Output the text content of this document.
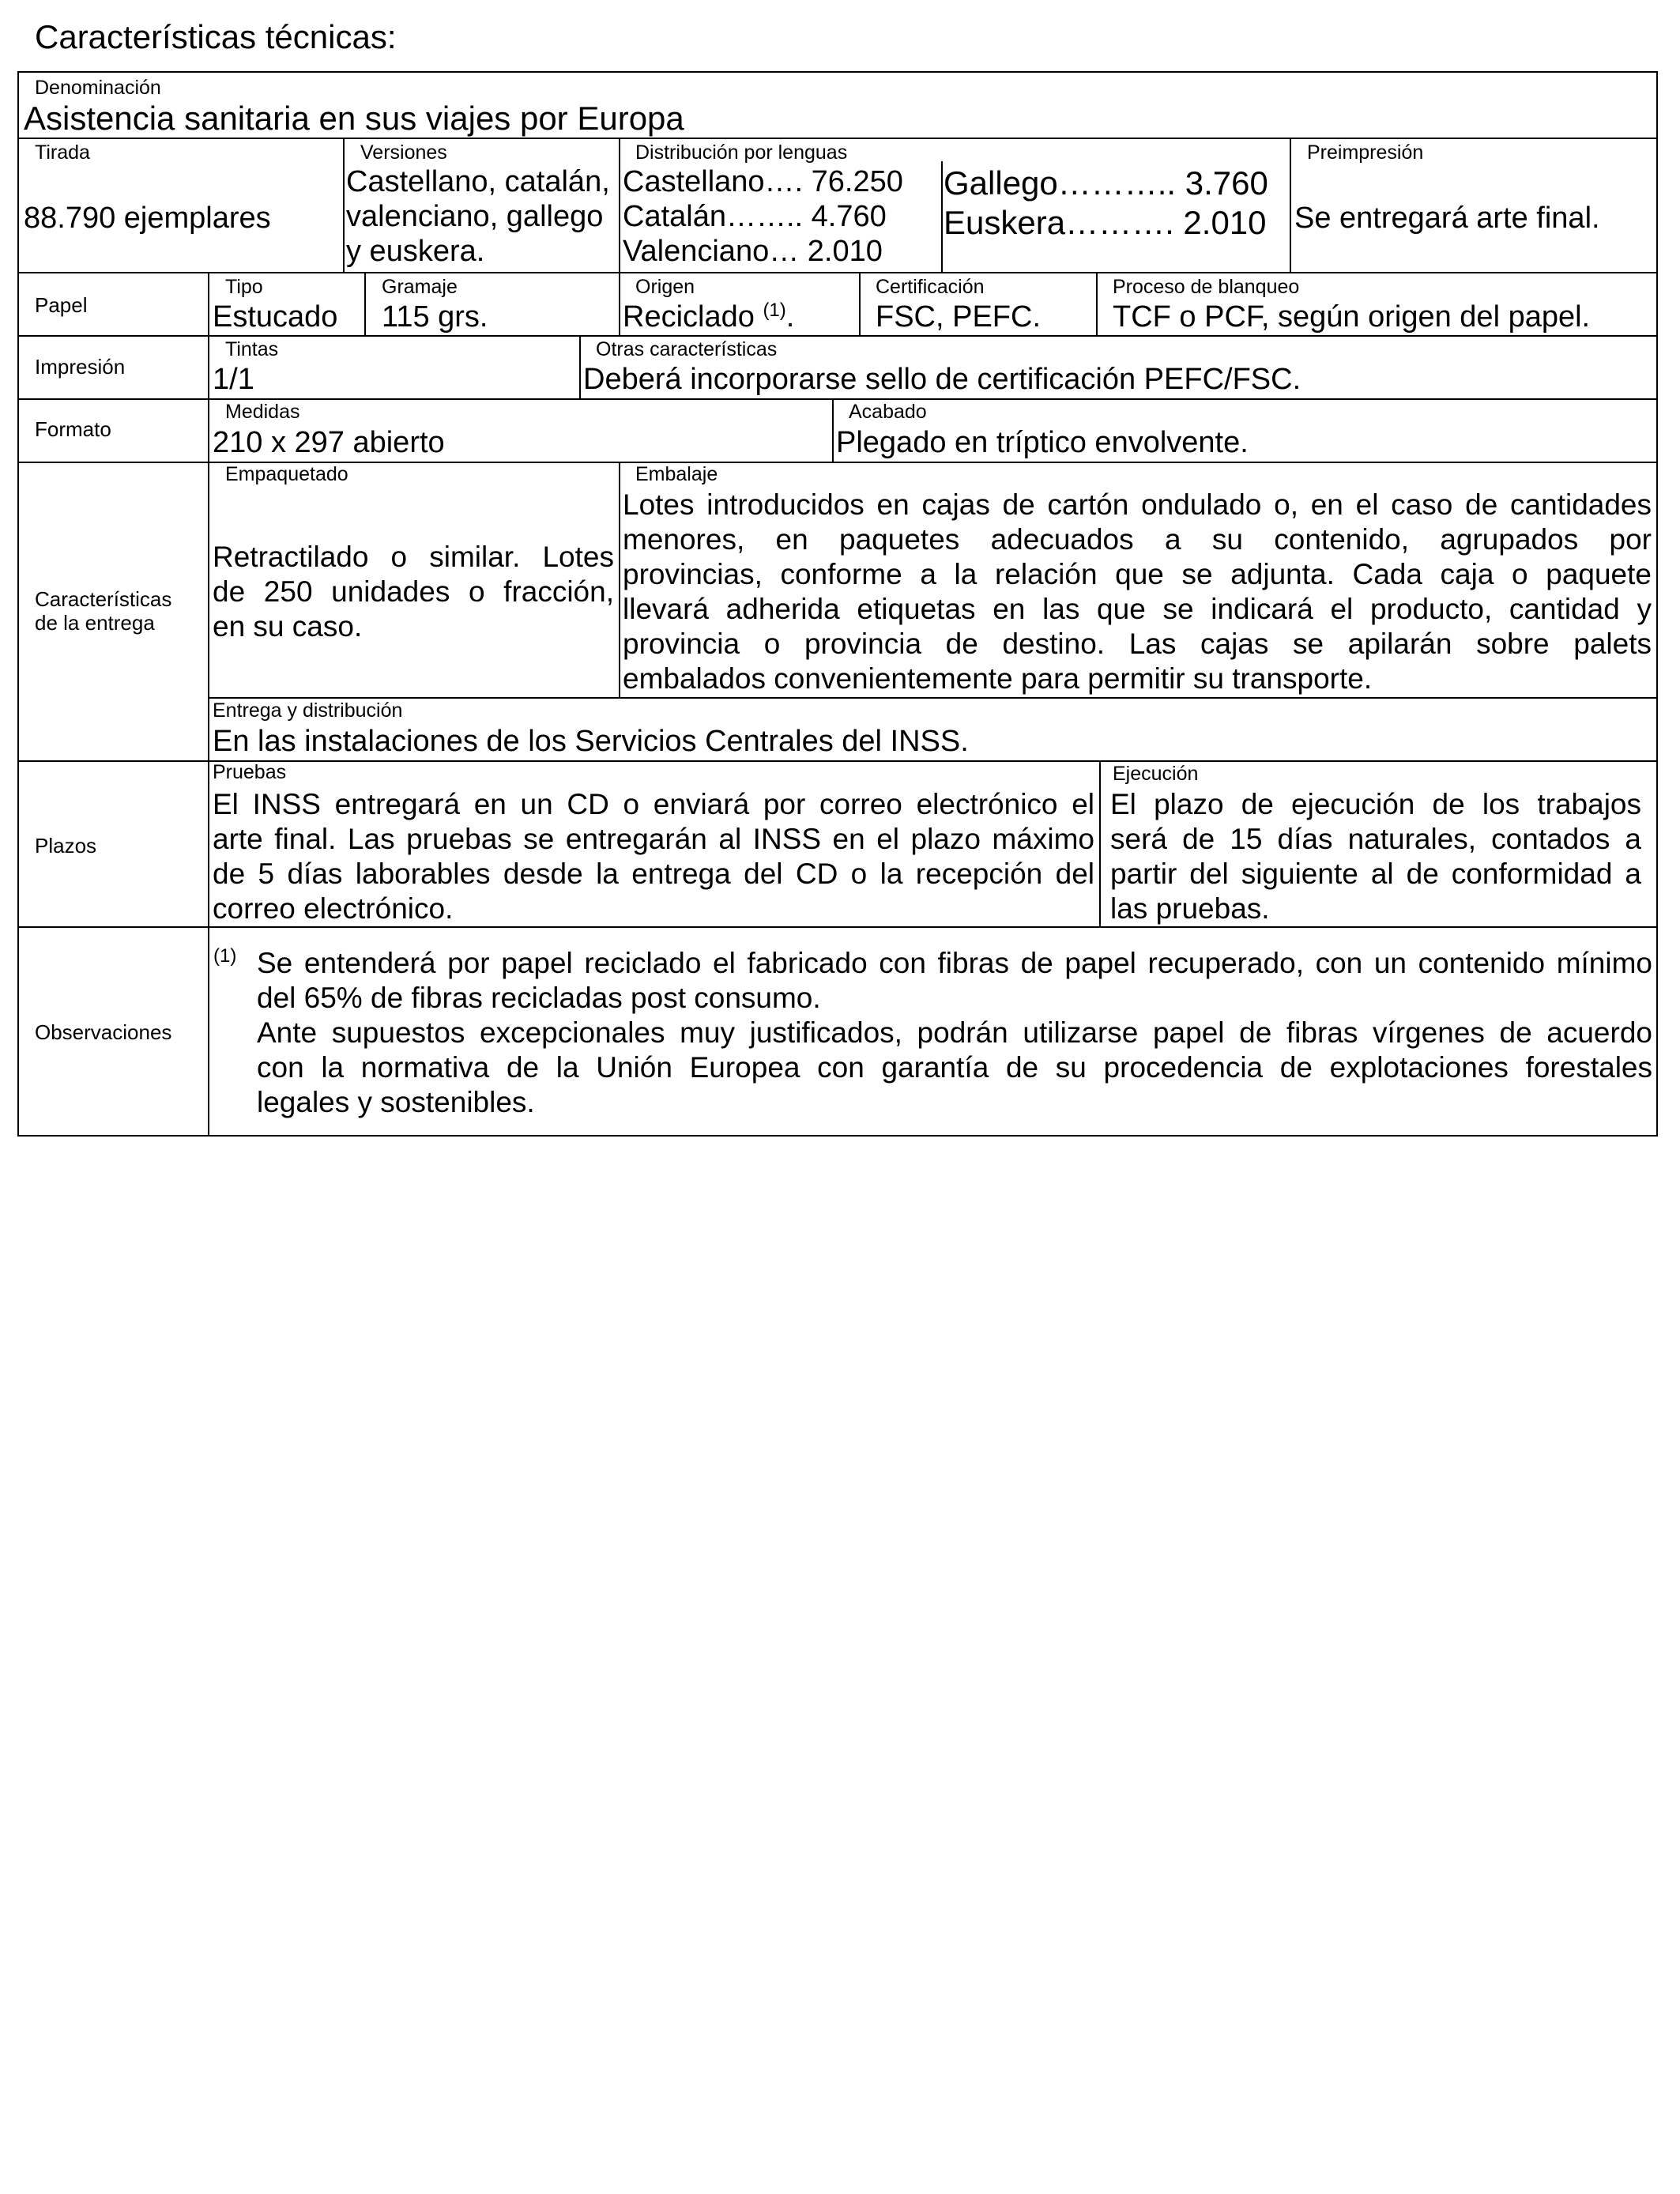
Características técnicas:
Denominación
Asistencia sanitaria en sus viajes por Europa
Tirada
88.790 ejemplares
Versiones
Castellano, catalán,
valenciano, gallego
y euskera.
Distribución por lenguas
Castellano…. 76.250
Catalán…….. 4.760
Valenciano… 2.010
Gallego……….. 3.760
Euskera………. 2.010
Preimpresión
Se entregará arte final.
Papel
Tipo
Estucado
Gramaje
115 grs.
Origen
Reciclado $^{(1)}$.
Certificación
FSC, PEFC.
Proceso de blanqueo
TCF o PCF, según origen del papel.
Impresión
Tintas
1/1
Otras características
Deberá incorporarse sello de certificación PEFC/FSC.
Formato
Medidas
210 x 297 abierto
Acabado
Plegado en tríptico envolvente.
Características
de la entrega
Empaquetado
Retractilado o similar. Lotes
de 250 unidades o fracción,
en su caso.
Embalaje
Lotes introducidos en cajas de cartón ondulado o, en el caso de cantidades
menores, en paquetes adecuados a su contenido, agrupados por
provincias, conforme a la relación que se adjunta. Cada caja o paquete
llevará adherida etiquetas en las que se indicará el producto, cantidad y
provincia o provincia de destino. Las cajas se apilarán sobre palets
embalados convenientemente para permitir su transporte.
Entrega y distribución
En las instalaciones de los Servicios Centrales del INSS.
Plazos
Pruebas
El INSS entregará en un CD o enviará por correo electrónico el
arte final. Las pruebas se entregarán al INSS en el plazo máximo
de 5 días laborables desde la entrega del CD o la recepción del
correo electrónico.
Ejecución
El plazo de ejecución de los trabajos
será de 15 días naturales, contados a
partir del siguiente al de conformidad a
las pruebas.
Observaciones
(1) Se entenderá por papel reciclado el fabricado con fibras de papel recuperado, con un contenido mínimo
del 65% de fibras recicladas post consumo.
Ante supuestos excepcionales muy justificados, podrán utilizarse papel de fibras vírgenes de acuerdo
con la normativa de la Unión Europea con garantía de su procedencia de explotaciones forestales
legales y sostenibles.
